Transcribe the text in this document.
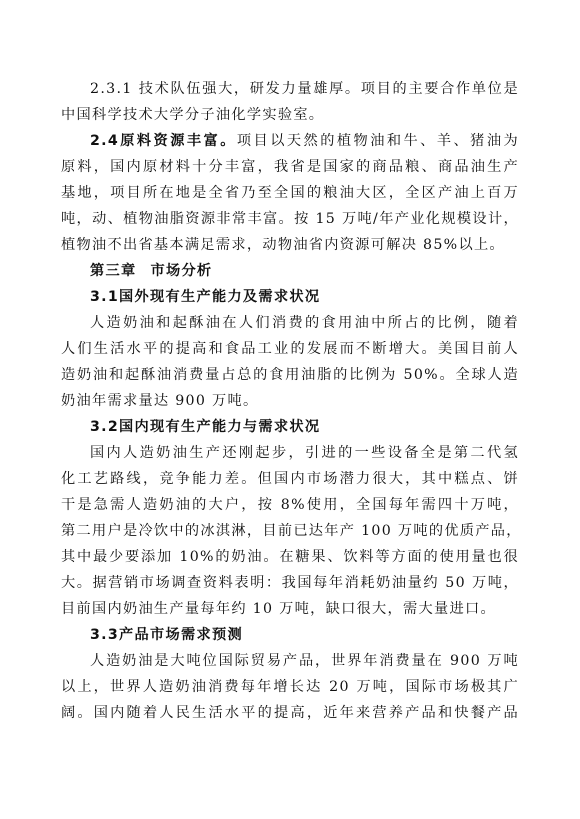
2.3.1 技术队伍强大，研发力量雄厚。项目的主要合作单位是
中国科学技术大学分子油化学实验室。
2.4原料资源丰富。项目以天然的植物油和牛、羊、猪油为
原料，国内原材料十分丰富，我省是国家的商品粮、商品油生产
基地，项目所在地是全省乃至全国的粮油大区，全区产油上百万
吨，动、植物油脂资源非常丰富。按 15 万吨/年产业化规模设计，
植物油不出省基本满足需求，动物油省内资源可解决 85%以上。
第三章 市场分析
3.1国外现有生产能力及需求状况
人造奶油和起酥油在人们消费的食用油中所占的比例，随着
人们生活水平的提高和食品工业的发展而不断增大。美国目前人
造奶油和起酥油消费量占总的食用油脂的比例为 50%。全球人造
奶油年需求量达 900 万吨。
3.2国内现有生产能力与需求状况
国内人造奶油生产还刚起步，引进的一些设备全是第二代氢
化工艺路线，竞争能力差。但国内市场潜力很大，其中糕点、饼
干是急需人造奶油的大户，按 8%使用，全国每年需四十万吨，
第二用户是冷饮中的冰淇淋，目前已达年产 100 万吨的优质产品，
其中最少要添加 10%的奶油。在糖果、饮料等方面的使用量也很
大。据营销市场调查资料表明：我国每年消耗奶油量约 50 万吨，
目前国内奶油生产量每年约 10 万吨，缺口很大，需大量进口。
3.3产品市场需求预测
人造奶油是大吨位国际贸易产品，世界年消费量在 900 万吨
以上，世界人造奶油消费每年增长达 20 万吨，国际市场极其广
阔。国内随着人民生活水平的提高，近年来营养产品和快餐产品
